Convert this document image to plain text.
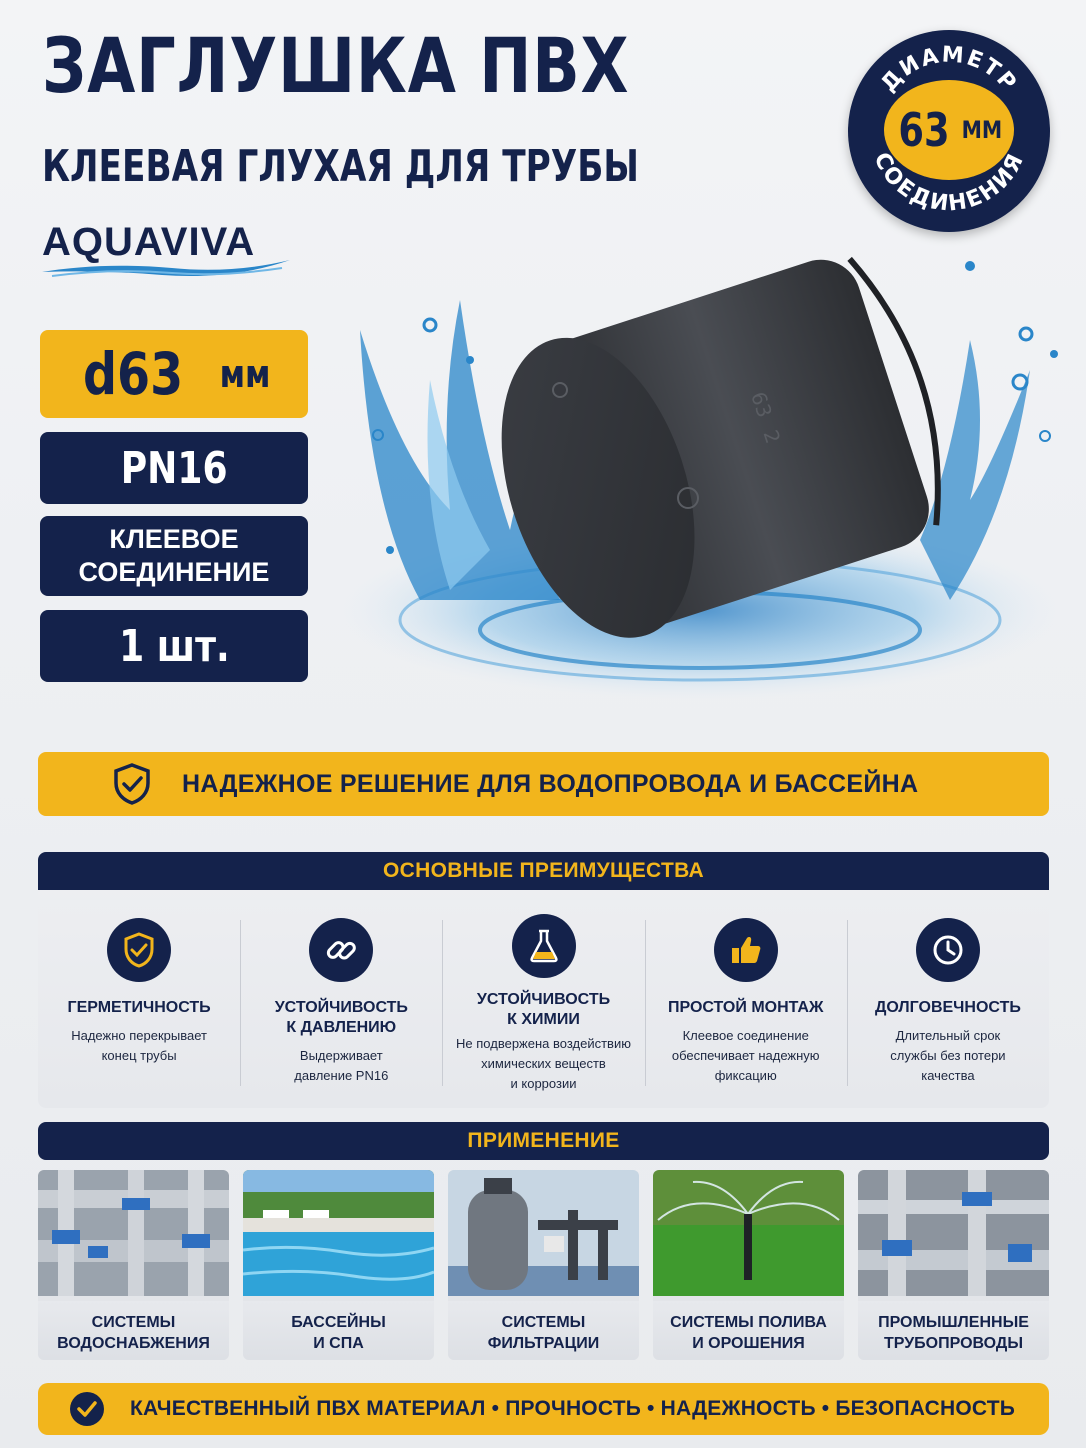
ЗАГЛУШКА ПВХ
КЛЕЕВАЯ ГЛУХАЯ ДЛЯ ТРУБЫ
AQUAVIVA
ДИАМЕТР
СОЕДИНЕНИЯ
63 ММ
d63
мм
PN16
КЛЕЕВОЕ
СОЕДИНЕНИЕ
1 шт.
63
2
НАДЕЖНОЕ РЕШЕНИЕ ДЛЯ ВОДОПРОВОДА И БАССЕЙНА
ОСНОВНЫЕ ПРЕИМУЩЕСТВА
ГЕРМЕТИЧНОСТЬ
Надежно перекрывает
конец трубы
УСТОЙЧИВОСТЬ
К ДАВЛЕНИЮ
Выдерживает
давление PN16
УСТОЙЧИВОСТЬ
К ХИМИИ
Не подвержена воздействию
химических веществ
и коррозии
ПРОСТОЙ МОНТАЖ
Клеевое соединение
обеспечивает надежную
фиксацию
ДОЛГОВЕЧНОСТЬ
Длительный срок
службы без потери
качества
ПРИМЕНЕНИЕ
СИСТЕМЫ
ВОДОСНАБЖЕНИЯ
БАССЕЙНЫ
И СПА
СИСТЕМЫ
ФИЛЬТРАЦИИ
СИСТЕМЫ ПОЛИВА
И ОРОШЕНИЯ
ПРОМЫШЛЕННЫЕ
ТРУБОПРОВОДЫ
КАЧЕСТВЕННЫЙ ПВХ МАТЕРИАЛ • ПРОЧНОСТЬ • НАДЕЖНОСТЬ • БЕЗОПАСНОСТЬ
